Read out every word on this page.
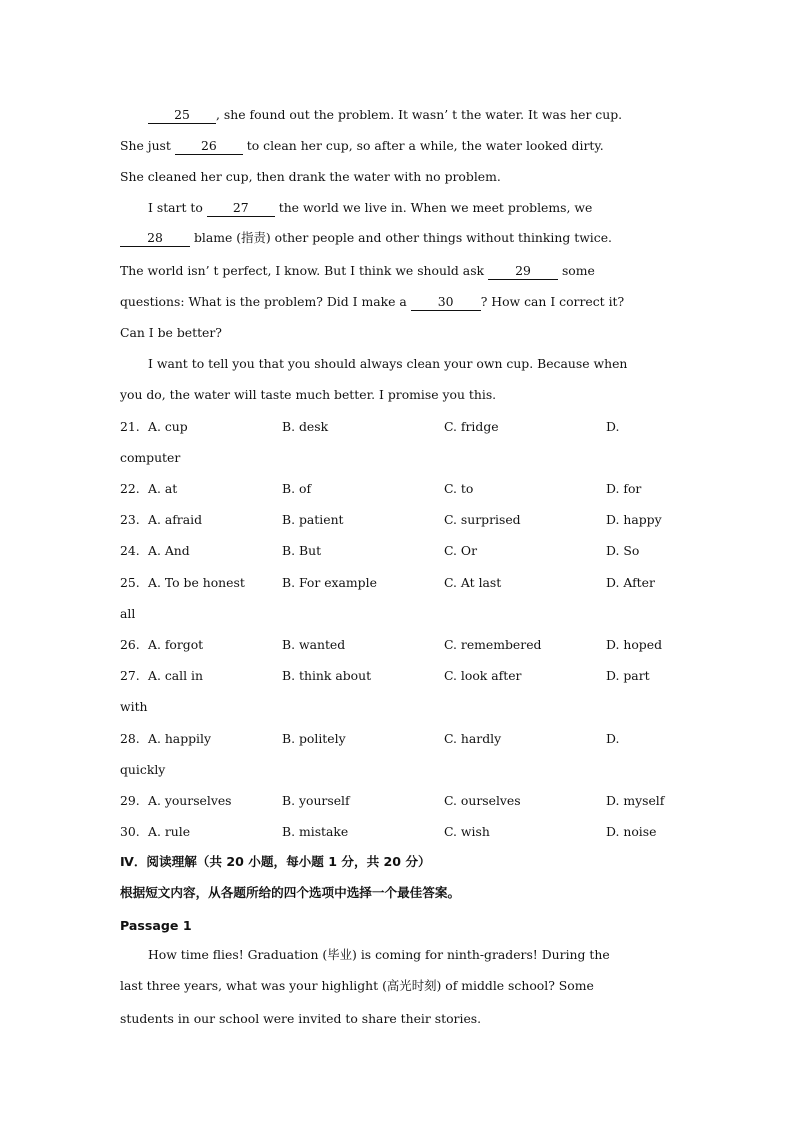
25 , she found out the problem. It wasn’ t the water. It was her cup.
She just 26 to clean her cup, so after a while, the water looked dirty.
She cleaned her cup, then drank the water with no problem.
I start to 27 the world we live in. When we meet problems, we
28 blame (指责) other people and other things without thinking twice.
The world isn’ t perfect, I know. But I think we should ask 29 some
questions: What is the problem? Did I make a 30 ? How can I correct it?
Can I be better?
I want to tell you that you should always clean your own cup. Because when
you do, the water will taste much better. I promise you this.
21. A. cup	B. desk	C. fridge	D.
computer
22. A. at	B. of	C. to	D. for
23. A. afraid	B. patient	C. surprised	D. happy
24. A. And	B. But	C. Or	D. So
25. A. To be honest	B. For example	C. At last	D. After
all
26. A. forgot	B. wanted	C. remembered	D. hoped
27. A. call in	B. think about	C. look after	D. part
with
28. A. happily	B. politely	C. hardly	D.
quickly
29. A. yourselves	B. yourself	C. ourselves	D. myself
30. A. rule	B. mistake	C. wish	D. noise
Ⅳ．阅读理解（共 20 小题，每小题 1 分，共 20 分）
根据短文内容，从各题所给的四个选项中选择一个最佳答案。
Passage 1
How time flies! Graduation (毕业) is coming for ninth-graders! During the
last three years, what was your highlight (高光时刻) of middle school? Some
students in our school were invited to share their stories.
